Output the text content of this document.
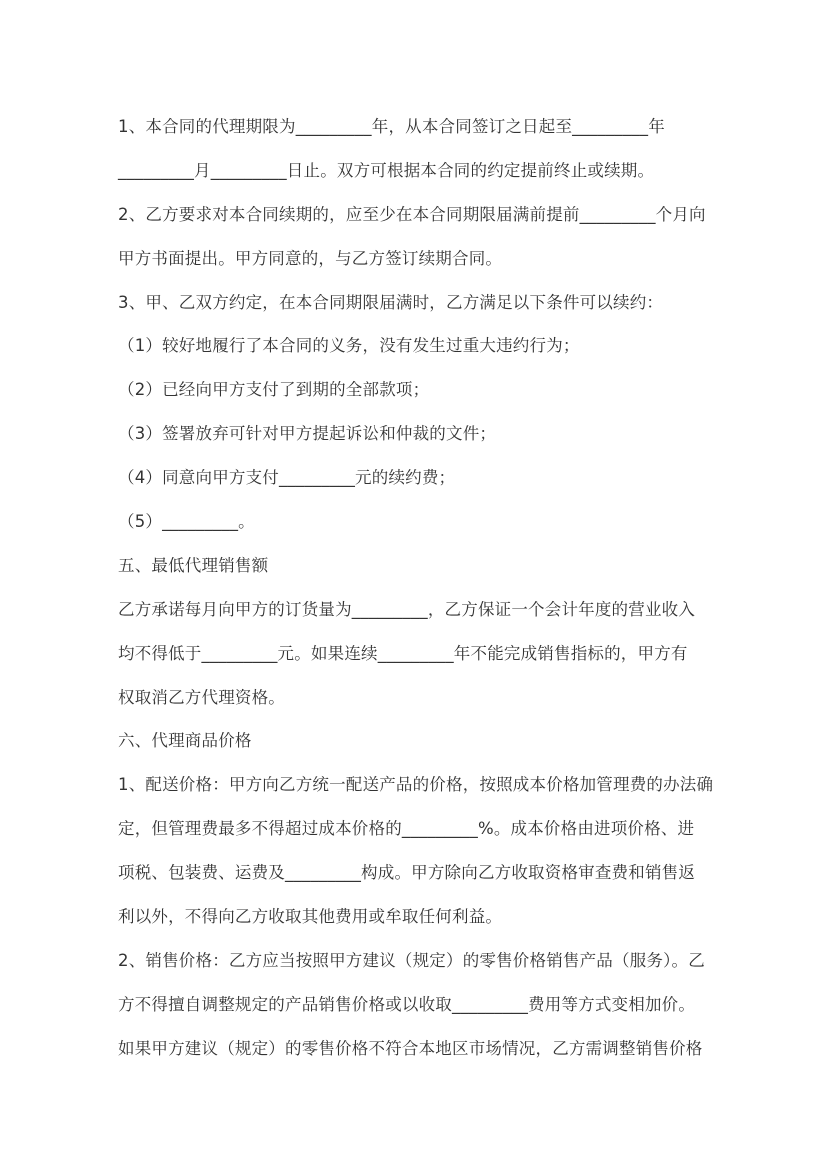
1、本合同的代理期限为_________年，从本合同签订之日起至_________年
_________月_________日止。双方可根据本合同的约定提前终止或续期。
2、乙方要求对本合同续期的，应至少在本合同期限届满前提前_________个月向
甲方书面提出。甲方同意的，与乙方签订续期合同。
3、甲、乙双方约定，在本合同期限届满时，乙方满足以下条件可以续约：
（1）较好地履行了本合同的义务，没有发生过重大违约行为；
（2）已经向甲方支付了到期的全部款项；
（3）签署放弃可针对甲方提起诉讼和仲裁的文件；
（4）同意向甲方支付_________元的续约费；
（5）_________。
五、最低代理销售额
乙方承诺每月向甲方的订货量为_________，乙方保证一个会计年度的营业收入
均不得低于_________元。如果连续_________年不能完成销售指标的，甲方有
权取消乙方代理资格。
六、代理商品价格
1、配送价格：甲方向乙方统一配送产品的价格，按照成本价格加管理费的办法确
定，但管理费最多不得超过成本价格的_________%。成本价格由进项价格、进
项税、包装费、运费及_________构成。甲方除向乙方收取资格审查费和销售返
利以外，不得向乙方收取其他费用或牟取任何利益。
2、销售价格：乙方应当按照甲方建议（规定）的零售价格销售产品（服务）。乙
方不得擅自调整规定的产品销售价格或以收取_________费用等方式变相加价。
如果甲方建议（规定）的零售价格不符合本地区市场情况，乙方需调整销售价格
